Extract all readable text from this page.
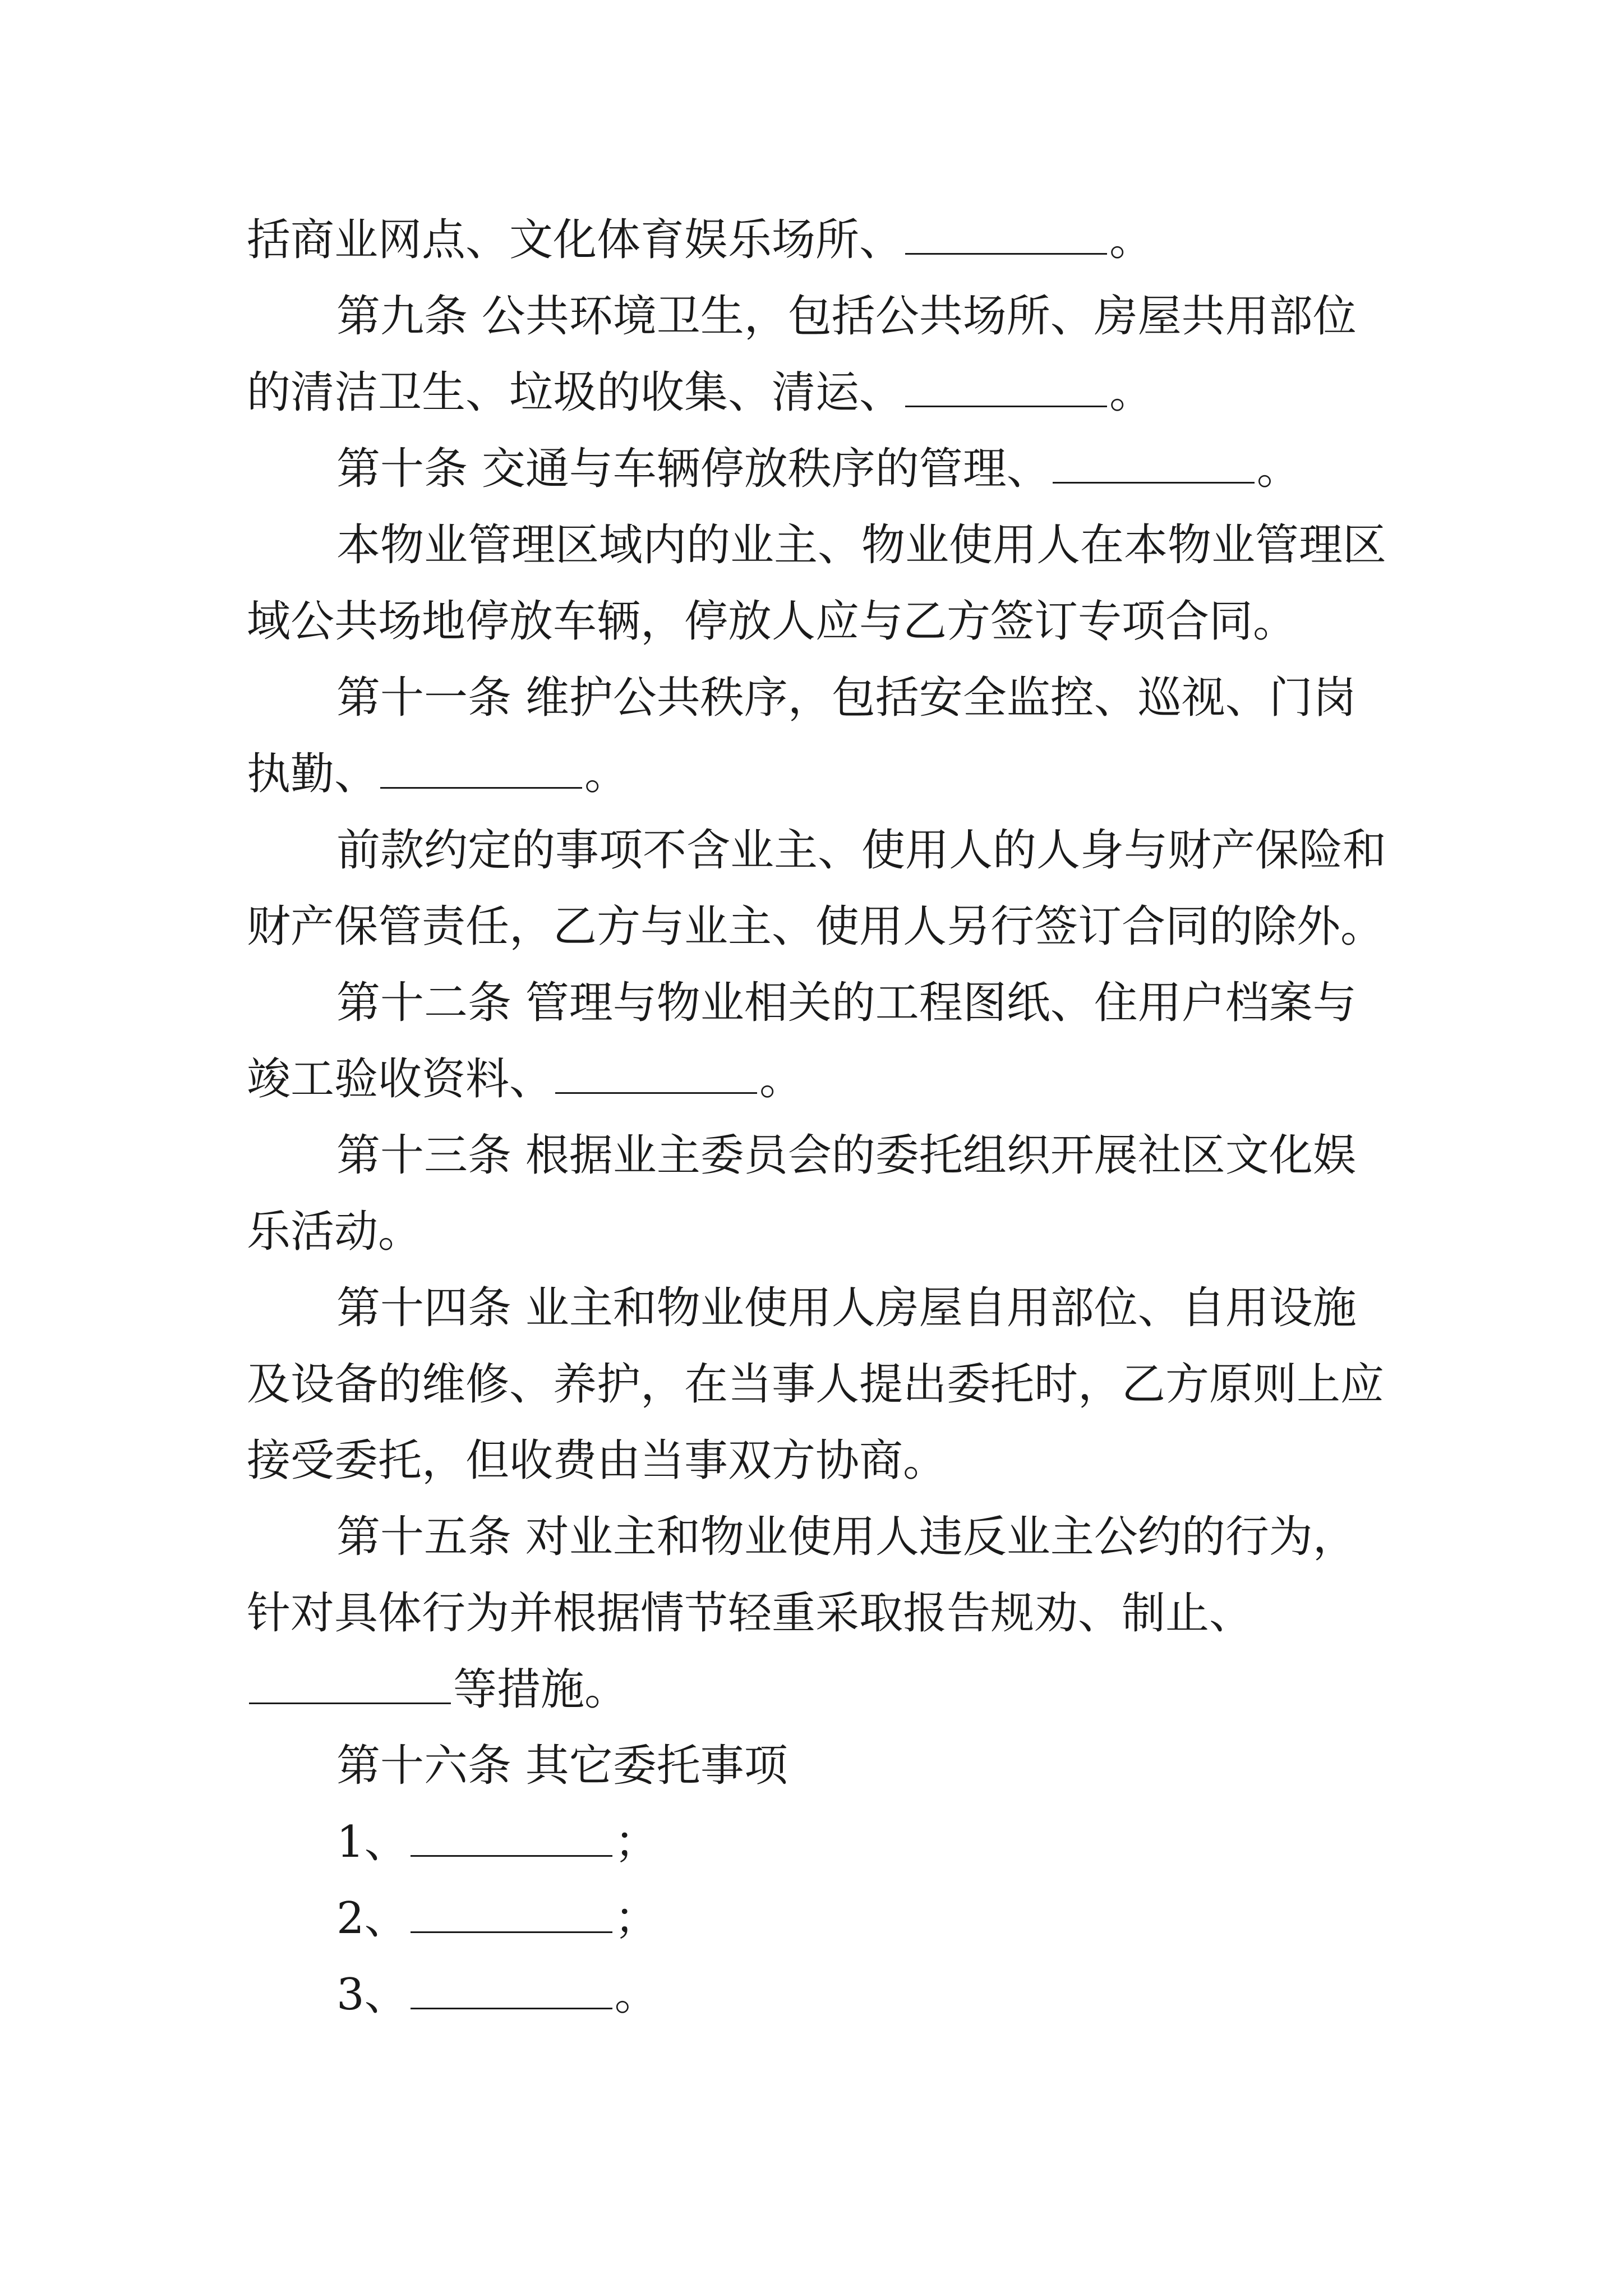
括商业网点、文化体育娱乐场所、	。
第九条 公共环境卫生，包括公共场所、房屋共用部位
的清洁卫生、垃圾的收集、清运、	。
第十条 交通与车辆停放秩序的管理、	。
本物业管理区域内的业主、物业使用人在本物业管理区
域公共场地停放车辆，停放人应与乙方签订专项合同。
第十一条 维护公共秩序，包括安全监控、巡视、门岗
执勤、	。
前款约定的事项不含业主、使用人的人身与财产保险和
财产保管责任，乙方与业主、使用人另行签订合同的除外。
第十二条 管理与物业相关的工程图纸、住用户档案与
竣工验收资料、	。
第十三条 根据业主委员会的委托组织开展社区文化娱
乐活动。
第十四条 业主和物业使用人房屋自用部位、自用设施
及设备的维修、养护，在当事人提出委托时，乙方原则上应
接受委托，但收费由当事双方协商。
第十五条 对业主和物业使用人违反业主公约的行为，
针对具体行为并根据情节轻重采取报告规劝、制止、
等措施。
第十六条 其它委托事项
1、	；
2、	；
3、	。
